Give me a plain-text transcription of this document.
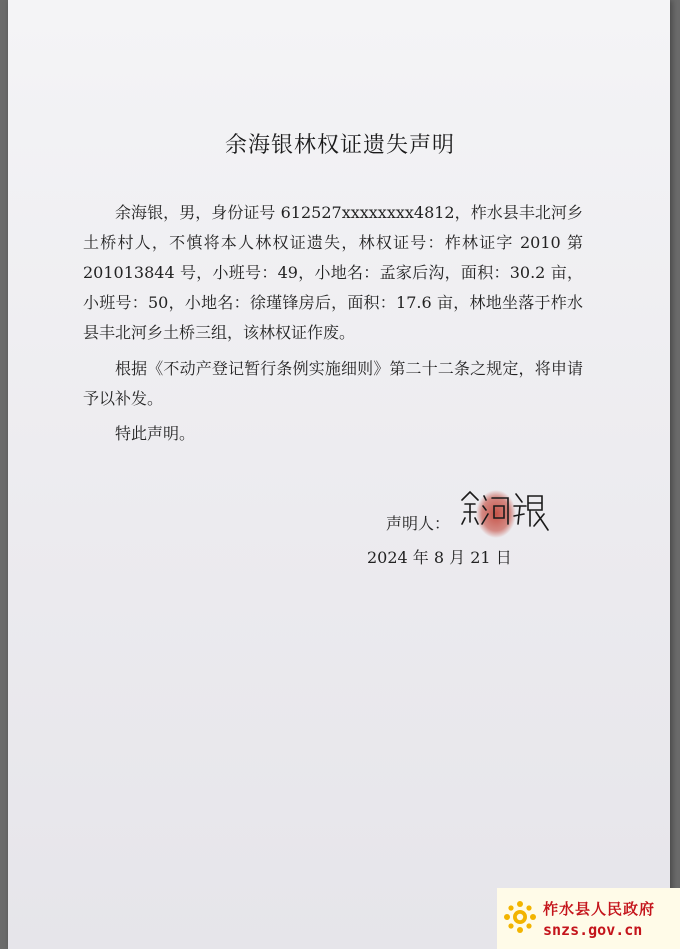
余海银林权证遗失声明

余海银，男，身份证号 612527xxxxxxxx4812，柞水县丰北河乡土桥村人，不慎将本人林权证遗失，林权证号：柞林证字 2010 第 201013844 号，小班号：49，小地名：孟家后沟，面积：30.2 亩，小班号：50，小地名：徐瑾锋房后，面积：17.6 亩，林地坐落于柞水县丰北河乡土桥三组，该林权证作废。

根据《不动产登记暂行条例实施细则》第二十二条之规定，将申请予以补发。

特此声明。

声明人：
2024 年 8 月 21 日
柞水县人民政府
snzs.gov.cn
